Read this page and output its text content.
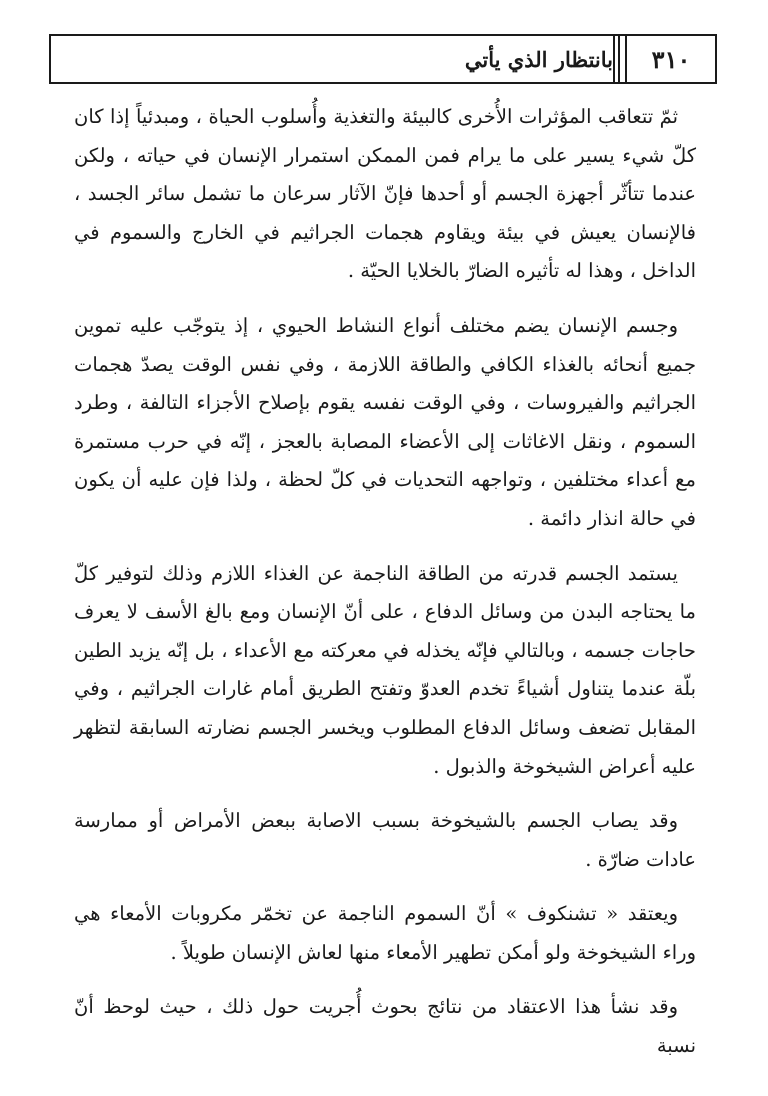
بانتظار الذي يأتي	٣١٠

ثمّ تتعاقب المؤثرات الأُخرى كالبيئة والتغذية وأُسلوب الحياة ، ومبدئياً إذا كان كلّ شيء يسير على ما يرام فمن الممكن استمرار الإنسان في حياته ، ولكن عندما تتأثّر أجهزة الجسم أو أحدها فإنّ الآثار سرعان ما تشمل سائر الجسد ، فالإنسان يعيش في بيئة ويقاوم هجمات الجراثيم في الخارج والسموم في الداخل ، وهذا له تأثيره الضارّ بالخلايا الحيّة .

وجسم الإنسان يضم مختلف أنواع النشاط الحيوي ، إذ يتوجّب عليه تموين جميع أنحائه بالغذاء الكافي والطاقة اللازمة ، وفي نفس الوقت يصدّ هجمات الجراثيم والفيروسات ، وفي الوقت نفسه يقوم بإصلاح الأجزاء التالفة ، وطرد السموم ، ونقل الاغاثات إلى الأعضاء المصابة بالعجز ، إنّه في حرب مستمرة مع أعداء مختلفين ، وتواجهه التحديات في كلّ لحظة ، ولذا فإن عليه أن يكون في حالة انذار دائمة .

يستمد الجسم قدرته من الطاقة الناجمة عن الغذاء اللازم وذلك لتوفير كلّ ما يحتاجه البدن من وسائل الدفاع ، على أنّ الإنسان ومع بالغ الأسف لا يعرف حاجات جسمه ، وبالتالي فإنّه يخذله في معركته مع الأعداء ، بل إنّه يزيد الطين بلّة عندما يتناول أشياءً تخدم العدوّ وتفتح الطريق أمام غارات الجراثيم ، وفي المقابل تضعف وسائل الدفاع المطلوب ويخسر الجسم نضارته السابقة لتظهر عليه أعراض الشيخوخة والذبول .

وقد يصاب الجسم بالشيخوخة بسبب الاصابة ببعض الأمراض أو ممارسة عادات ضارّة .

ويعتقد « تشنكوف » أنّ السموم الناجمة عن تخمّر مكروبات الأمعاء هي وراء الشيخوخة ولو أمكن تطهير الأمعاء منها لعاش الإنسان طويلاً .

وقد نشأ هذا الاعتقاد من نتائج بحوث أُجريت حول ذلك ، حيث لوحظ أنّ نسبة
